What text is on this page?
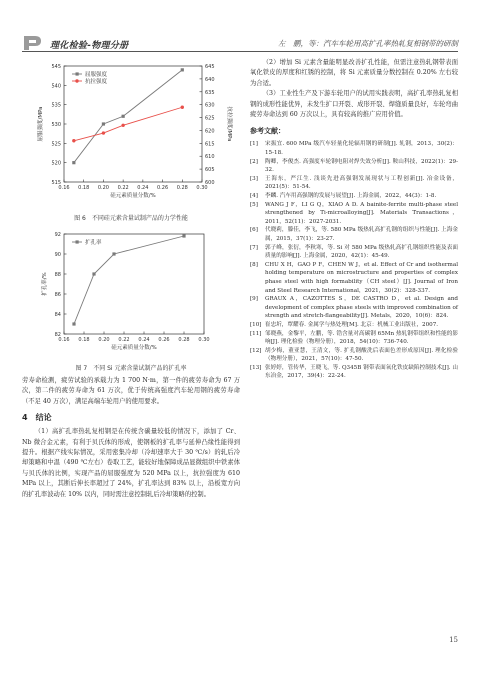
理化检验-物理分册	左　鹏，等：汽车车轮用高扩孔率热轧复相钢带的研制
0.16 0.18 0.20 0.22 0.24 0.26 0.28 0.30
515
520
525
530
535
540
545
600
605
610
615
620
625
630
635
640
645
硅元素质量分数/%
屈服强度/MPa	抗拉强度/MPa
屈服强度
抗拉强度
图 6　不同硅元素含量试制产品的力学性能
0.16 0.18 0.20 0.22 0.24 0.26 0.28 0.30
82
84
86
88
90
92
硅元素质量分数/%
扩孔率/%
扩孔率
图 7　不同 Si 元素含量试制产品的扩孔率

劳寿命检测，疲劳试验的承载力为 1 700 N·m，第一件的疲劳寿命为 67 万次，第二件的疲劳寿命为 61 万次，优于传统高强度汽车轮用钢的疲劳寿命（不足 40 万次），满足高端车轮用户的使用要求。

4　结论

（1）高扩孔率热轧复相钢是在传统含碳量较低的情况下，添加了 Cr、Nb 微合金元素，有利于贝氏体的形成，使钢板的扩孔率与延伸凸缘性能得到提升。根据产线实际情况，采用密集冷却（冷却速率大于 30 ℃/s）的轧后冷却策略和中温（490 ℃左右）卷取工艺，能较好地保障成品显微组织中铁素体与贝氏体的比例，实现产品的屈服强度为 520 MPa 以上，抗拉强度为 610 MPa 以上，其断后伸长率超过了 24%，扩孔率达到 83% 以上，沿板宽方向的扩孔率波动在 10% 以内，同时需注意控制轧后冷却策略的控制。

（2）增加 Si 元素含量能明显改善扩孔性能，但需注意热轧钢带表面氧化铁皮的厚度和红锈的控制，将 Si 元素质量分数控制在 0.20% 左右较为合适。

（3）工业性生产及下游车轮用户的试用实践表明，高扩孔率热轧复相钢的成形性能优异，未发生扩口开裂、成形开裂、焊缝质量良好，车轮弯曲疲劳寿命达到 60 万次以上，具有较高的推广应用价值。

参考文献：
[1]	宋振宜. 600 MPa 级汽车轻量化轮辐用钢的研制[J]. 轧钢，2013，30(2)：15-18.
[2]	陶卿，李俊杰. 高强度车轮钢电阻对焊失效分析[J]. 鞍山科技，2022(1)：29-32.
[3]	王海东，严江生. 浅谈先进高强钢发展现状与工程创新[J]. 冶金设备，2021(5)：51-54.
[4]	李麟. 汽车用高强钢的发展与展望[J]. 上海金属，2022，44(3)：1-8.
[5]	WANG J F，LI G Q，XIAO A D. A bainite-ferrite multi-phase steel strengthened by Ti-microalloying[J]. Materials Transactions，2011，52(11)：2027-2031.
[6]	代晓莉，滕佳，李飞，等. 580 MPa 级热轧高扩孔钢的组织与性能[J]. 上海金属，2015，37(1)：23-27.
[7]	郭子峰，张衍，李秋寒，等. Si 对 580 MPa 级热轧高扩孔钢组织性能及表面质量的影响[J]. 上海金属，2020，42(1)：45-49.
[8]	CHU X H，GAO P F，CHEN W J，et al. Effect of Cr and isothermal holding temperature on microstructure and properties of complex phase steel with high formability（CH steel）[J]. Journal of Iron and Steel Research International，2021，30(2)：328-337.
[9]	GRAUX A，CAZOTTES S，DE CASTRO D，et al. Design and development of complex phase steels with improved combination of strength and stretch-flangeability[J]. Metals，2020，10(6)：824.
[10] 崔忠圻，覃耀春. 金属学与热处理[M]. 北京：机械工业出版社，2007.
[11] 邹晓燕，金黎平，左鹏，等. 锆含量对高碳钢 65Mn 热轧钢带组织和性能的影响[J]. 理化检验（物理分册），2018，54(10)：736-740.
[12] 胡少梅，董亚慧，王清文，等. 扩孔钢酸洗后表面色差形成原因[J]. 理化检验（物理分册），2021，57(10)：47-50.
[13] 张婷婷，管传华，王晓飞，等. Q345B 钢带表面氧化铁皮缺陷控制技术[J]. 山东冶金，2017，39(4)：22-24.
15
